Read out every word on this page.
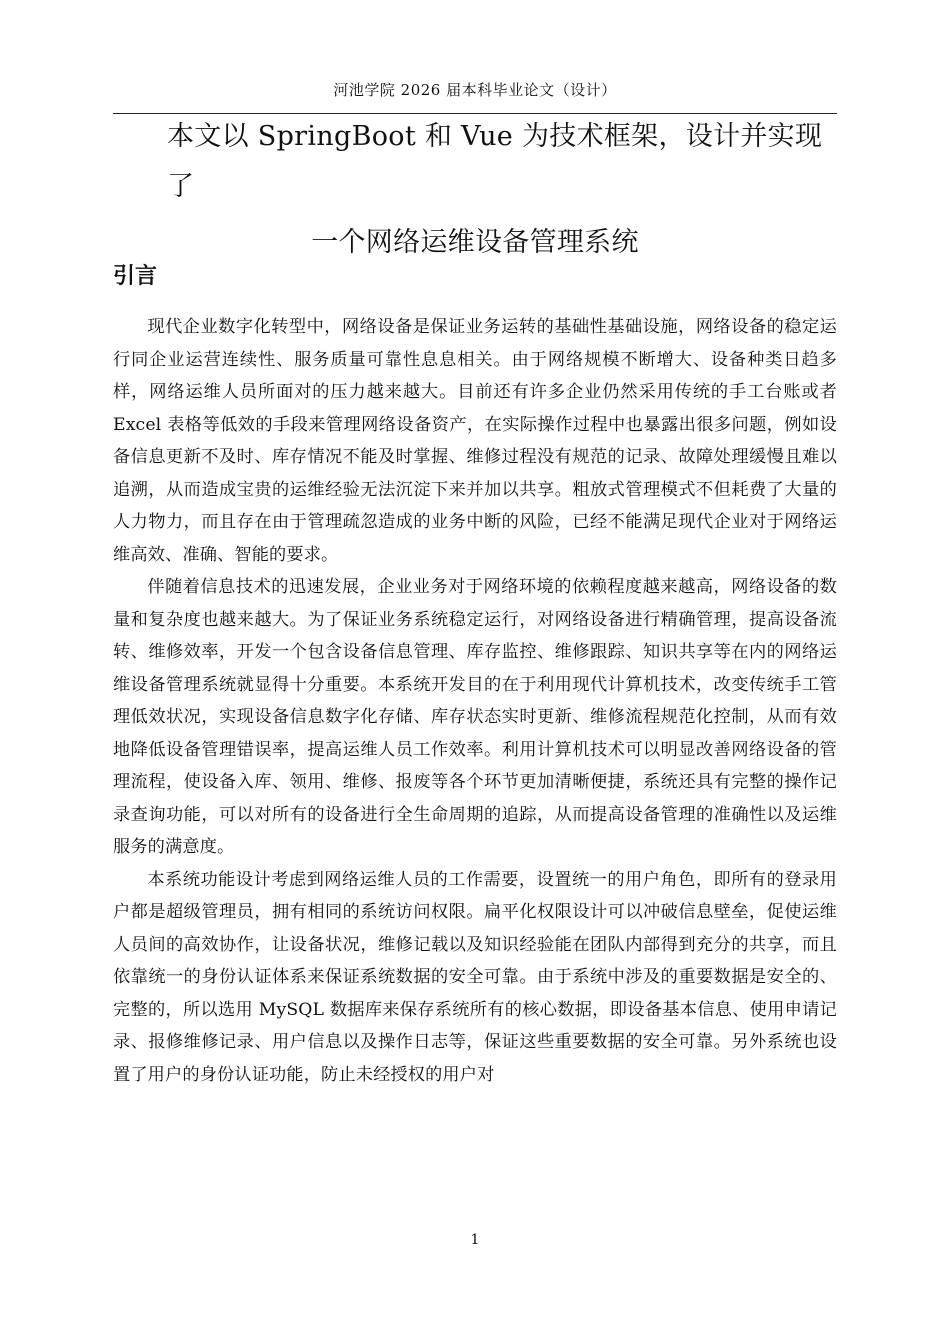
河池学院 2026 届本科毕业论文（设计）
本文以 SpringBoot 和 Vue 为技术框架，设计并实现了
一个网络运维设备管理系统
引言

现代企业数字化转型中，网络设备是保证业务运转的基础性基础设施，网络设备的稳定运行同企业运营连续性、服务质量可靠性息息相关。由于网络规模不断增大、设备种类日趋多样，网络运维人员所面对的压力越来越大。目前还有许多企业仍然采用传统的手工台账或者 Excel 表格等低效的手段来管理网络设备资产，在实际操作过程中也暴露出很多问题，例如设备信息更新不及时、库存情况不能及时掌握、维修过程没有规范的记录、故障处理缓慢且难以追溯，从而造成宝贵的运维经验无法沉淀下来并加以共享。粗放式管理模式不但耗费了大量的人力物力，而且存在由于管理疏忽造成的业务中断的风险，已经不能满足现代企业对于网络运维高效、准确、智能的要求。

伴随着信息技术的迅速发展，企业业务对于网络环境的依赖程度越来越高，网络设备的数量和复杂度也越来越大。为了保证业务系统稳定运行，对网络设备进行精确管理，提高设备流转、维修效率，开发一个包含设备信息管理、库存监控、维修跟踪、知识共享等在内的网络运维设备管理系统就显得十分重要。本系统开发目的在于利用现代计算机技术，改变传统手工管理低效状况，实现设备信息数字化存储、库存状态实时更新、维修流程规范化控制，从而有效地降低设备管理错误率，提高运维人员工作效率。利用计算机技术可以明显改善网络设备的管理流程，使设备入库、领用、维修、报废等各个环节更加清晰便捷，系统还具有完整的操作记录查询功能，可以对所有的设备进行全生命周期的追踪，从而提高设备管理的准确性以及运维服务的满意度。

本系统功能设计考虑到网络运维人员的工作需要，设置统一的用户角色，即所有的登录用户都是超级管理员，拥有相同的系统访问权限。扁平化权限设计可以冲破信息壁垒，促使运维人员间的高效协作，让设备状况，维修记载以及知识经验能在团队内部得到充分的共享，而且依靠统一的身份认证体系来保证系统数据的安全可靠。由于系统中涉及的重要数据是安全的、完整的，所以选用 MySQL 数据库来保存系统所有的核心数据，即设备基本信息、使用申请记录、报修维修记录、用户信息以及操作日志等，保证这些重要数据的安全可靠。另外系统也设置了用户的身份认证功能，防止未经授权的用户对

1
